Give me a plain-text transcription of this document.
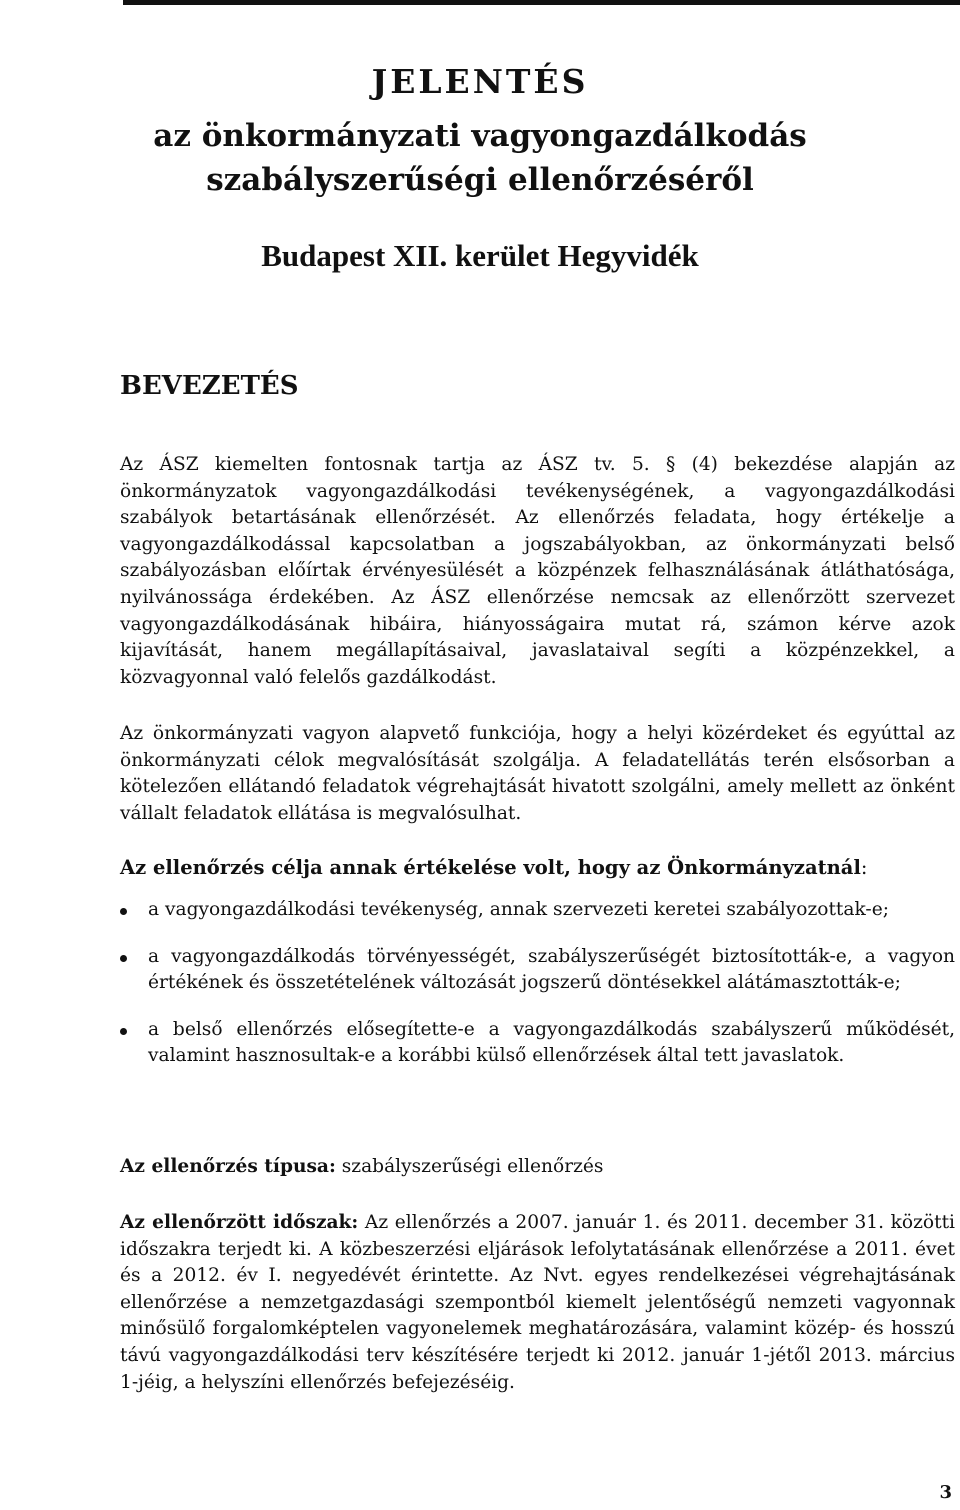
JELENTÉS
az önkormányzati vagyongazdálkodás
szabályszerűségi ellenőrzéséről
Budapest XII. kerület Hegyvidék
BEVEZETÉS

Az ÁSZ kiemelten fontosnak tartja az ÁSZ tv. 5. § (4) bekezdése alapján az önkormányzatok vagyongazdálkodási tevékenységének, a vagyongazdálkodási szabályok betartásának ellenőrzését. Az ellenőrzés feladata, hogy értékelje a vagyongazdálkodással kapcsolatban a jogszabályokban, az önkormányzati belső szabályozásban előírtak érvényesülését a közpénzek felhasználásának átláthatósága, nyilvánossága érdekében. Az ÁSZ ellenőrzése nemcsak az ellenőrzött szervezet vagyongazdálkodásának hibáira, hiányosságaira mutat rá, számon kérve azok kijavítását, hanem megállapításaival, javaslataival segíti a közpénzekkel, a közvagyonnal való felelős gazdálkodást.

Az önkormányzati vagyon alapvető funkciója, hogy a helyi közérdeket és egyúttal az önkormányzati célok megvalósítását szolgálja. A feladatellátás terén elsősorban a kötelezően ellátandó feladatok végrehajtását hivatott szolgálni, amely mellett az önként vállalt feladatok ellátása is megvalósulhat.

Az ellenőrzés célja annak értékelése volt, hogy az Önkormányzatnál:

a vagyongazdálkodási tevékenység, annak szervezeti keretei szabályozottak-e;
a vagyongazdálkodás törvényességét, szabályszerűségét biztosították-e, a vagyon értékének és összetételének változását jogszerű döntésekkel alátámasztották-e;
a belső ellenőrzés elősegítette-e a vagyongazdálkodás szabályszerű működését, valamint hasznosultak-e a korábbi külső ellenőrzések által tett javaslatok.

Az ellenőrzés típusa: szabályszerűségi ellenőrzés

Az ellenőrzött időszak: Az ellenőrzés a 2007. január 1. és 2011. december 31. közötti időszakra terjedt ki. A közbeszerzési eljárások lefolytatásának ellenőrzése a 2011. évet és a 2012. év I. negyedévét érintette. Az Nvt. egyes rendelkezései végrehajtásának ellenőrzése a nemzetgazdasági szempontból kiemelt jelentőségű nemzeti vagyonnak minősülő forgalomképtelen vagyonelemek meghatározására, valamint közép- és hosszú távú vagyongazdálkodási terv készítésére terjedt ki 2012. január 1-jétől 2013. március 1-jéig, a helyszíni ellenőrzés befejezéséig.

3
